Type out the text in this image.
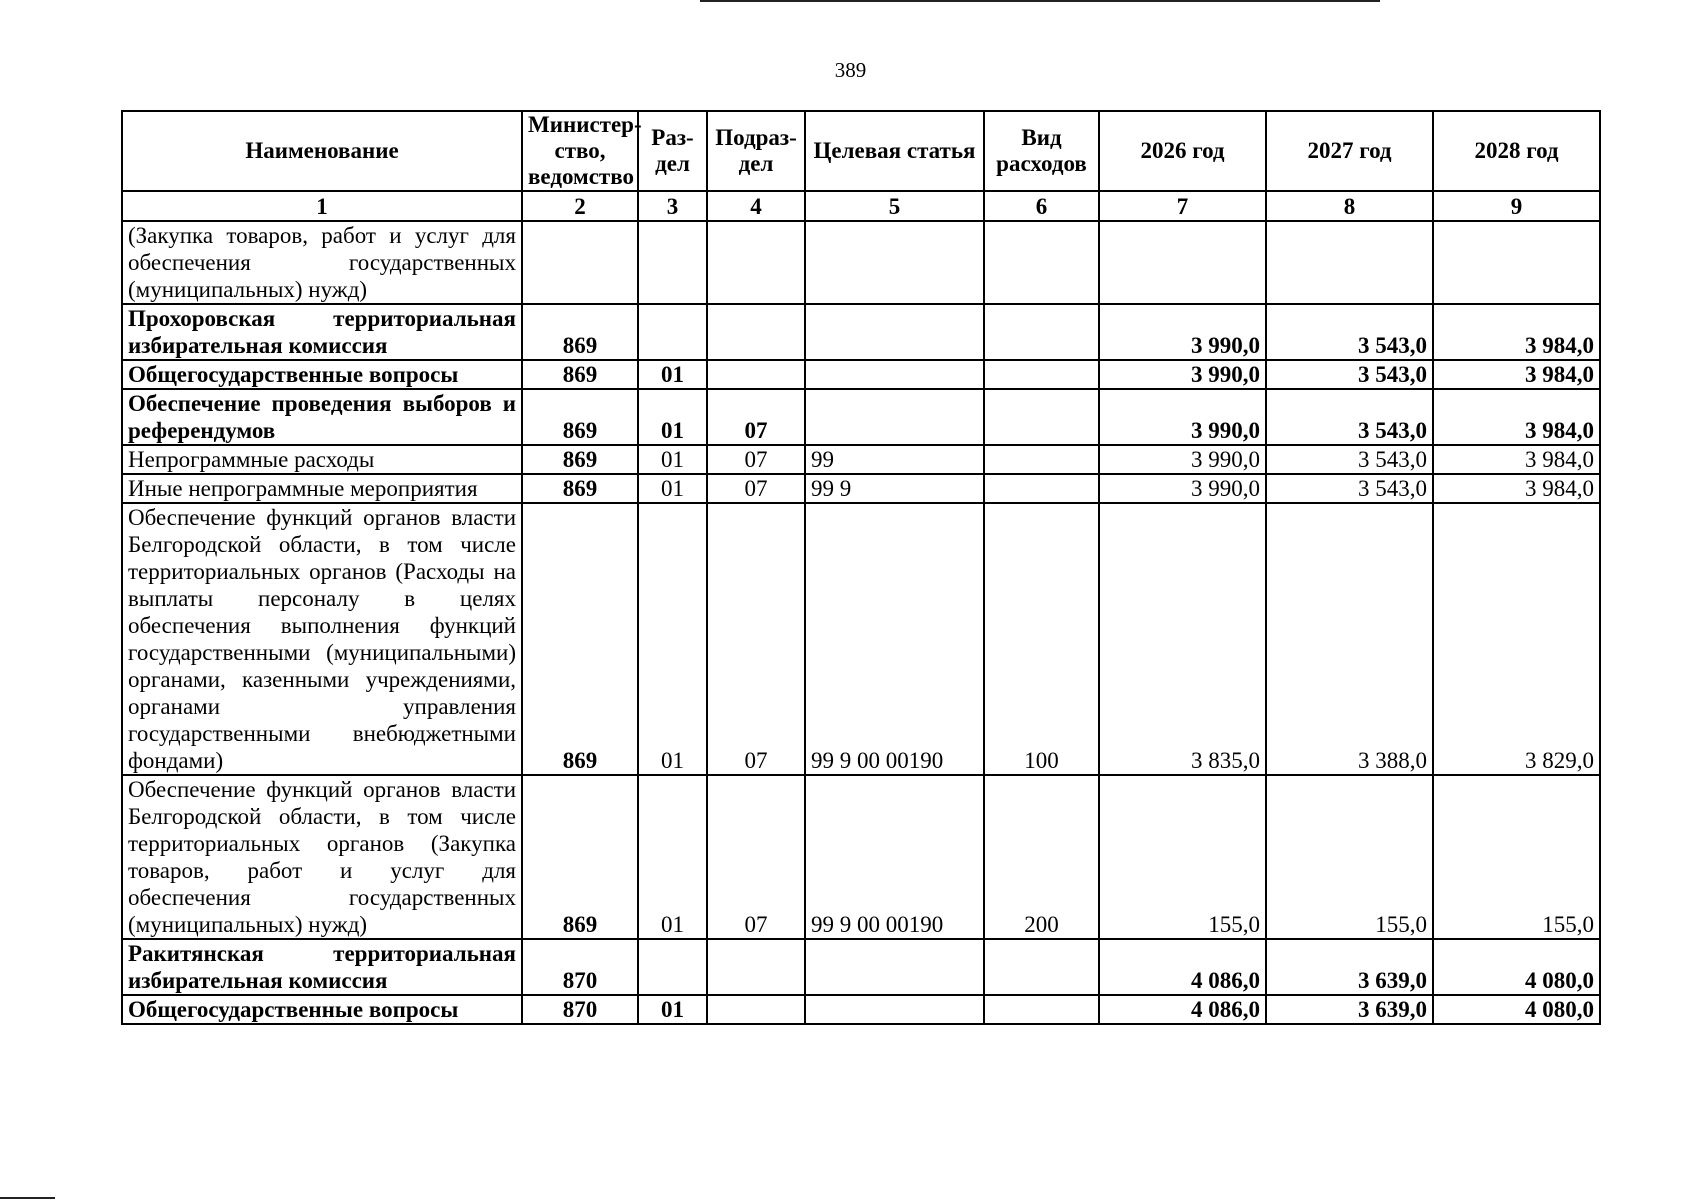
389
Наименование	Министер-ство, ведомство	Раз-дел	Подраз-дел	Целевая статья	Вид расходов	2026 год	2027 год	2028 год
1	2	3	4	5	6	7	8	9
(Закупка товаров, работ и услуг для обеспечения государственных (муниципальных) нужд)								
Прохоровская территориальная избирательная комиссия	869					3 990,0	3 543,0	3 984,0
Общегосударственные вопросы	869	01				3 990,0	3 543,0	3 984,0
Обеспечение проведения выборов и референдумов	869	01	07			3 990,0	3 543,0	3 984,0
Непрограммные расходы	869	01	07	99		3 990,0	3 543,0	3 984,0
Иные непрограммные мероприятия	869	01	07	99 9		3 990,0	3 543,0	3 984,0
Обеспечение функций органов власти Белгородской области, в том числе территориальных органов (Расходы на выплаты персоналу в целях обеспечения выполнения функций государственными (муниципальными) органами, казенными учреждениями, органами управления государственными внебюджетными фондами)	869	01	07	99 9 00 00190	100	3 835,0	3 388,0	3 829,0
Обеспечение функций органов власти Белгородской области, в том числе территориальных органов (Закупка товаров, работ и услуг для обеспечения государственных (муниципальных) нужд)	869	01	07	99 9 00 00190	200	155,0	155,0	155,0
Ракитянская территориальная избирательная комиссия	870					4 086,0	3 639,0	4 080,0
Общегосударственные вопросы	870	01				4 086,0	3 639,0	4 080,0
